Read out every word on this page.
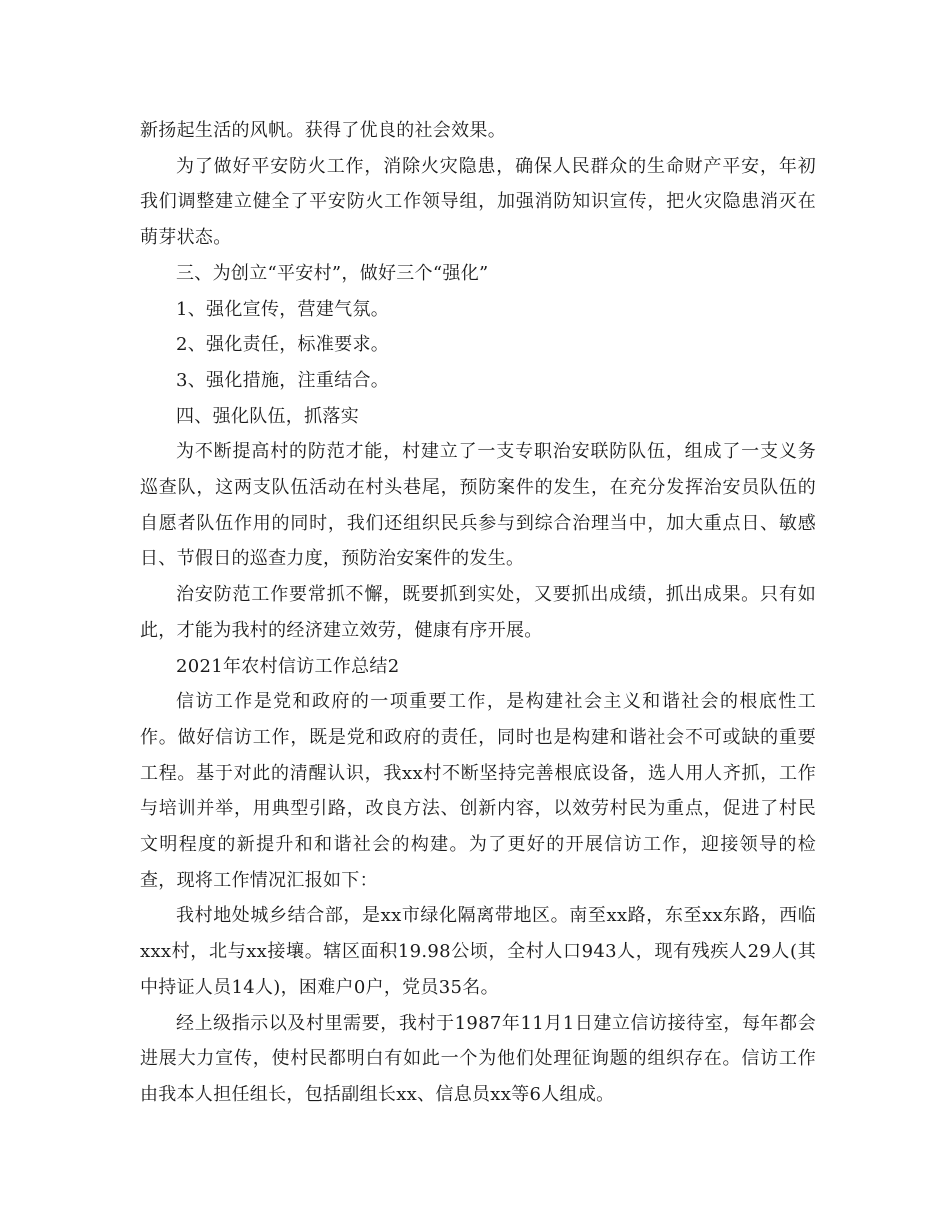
新扬起生活的风帆。获得了优良的社会效果。

为了做好平安防火工作，消除火灾隐患，确保人民群众的生命财产平安，年初我们调整建立健全了平安防火工作领导组，加强消防知识宣传，把火灾隐患消灭在萌芽状态。

三、为创立“平安村”，做好三个“强化”

1、强化宣传，营建气氛。

2、强化责任，标准要求。

3、强化措施，注重结合。

四、强化队伍，抓落实

为不断提高村的防范才能，村建立了一支专职治安联防队伍，组成了一支义务巡查队，这两支队伍活动在村头巷尾，预防案件的发生，在充分发挥治安员队伍的自愿者队伍作用的同时，我们还组织民兵参与到综合治理当中，加大重点日、敏感日、节假日的巡查力度，预防治安案件的发生。

治安防范工作要常抓不懈，既要抓到实处，又要抓出成绩，抓出成果。只有如此，才能为我村的经济建立效劳，健康有序开展。

2021年农村信访工作总结2

信访工作是党和政府的一项重要工作，是构建社会主义和谐社会的根底性工作。做好信访工作，既是党和政府的责任，同时也是构建和谐社会不可或缺的重要工程。基于对此的清醒认识，我xx村不断坚持完善根底设备，选人用人齐抓，工作与培训并举，用典型引路，改良方法、创新内容，以效劳村民为重点，促进了村民文明程度的新提升和和谐社会的构建。为了更好的开展信访工作，迎接领导的检查，现将工作情况汇报如下：

我村地处城乡结合部，是xx市绿化隔离带地区。南至xx路，东至xx东路，西临xxx村，北与xx接壤。辖区面积19.98公顷，全村人口943人，现有残疾人29人(其中持证人员14人)，困难户0户，党员35名。

经上级指示以及村里需要，我村于1987年11月1日建立信访接待室，每年都会进展大力宣传，使村民都明白有如此一个为他们处理征询题的组织存在。信访工作由我本人担任组长，包括副组长xx、信息员xx等6人组成。
